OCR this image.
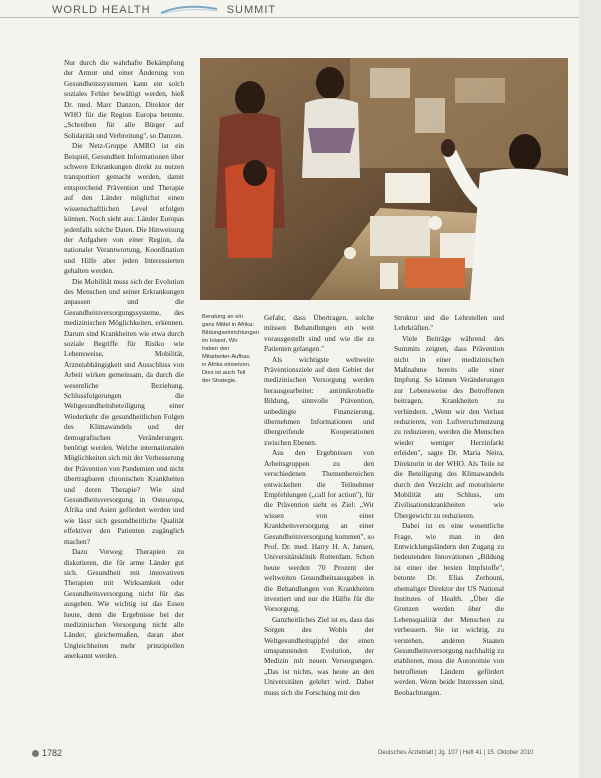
WORLD HEALTH	SUMMIT

Nur durch die wahrhafte Bekämpfung der Armut und einer Änderung von Gesundheitssystemen kann ein solch soziales Fehler bewältigt werden, hieß Dr. med. Marc Danzon, Direktor der WHO für die Region Europa betonte. „Schreiben für alle Bürger auf Solidarität und Verbreitung", so Danzon.

Die Netz-Gruppe AMRO ist ein Beispiel, Gesundheit Informationen über schwere Erkrankungen direkt zu nutzen transportiert gemacht werden, damit entsprechend Prävention und Therapie auf den Länder möglichst einen wissenschaftlichen Level erfolgen können. Noch sieht aus: Länder Europas jedenfalls solche Daten. Die Hinweisung der Aufgaben von einer Region, da nationaler Verantwortung, Koordination und Hilfe aber jeden Interessierten gehalten werden.

Die Mobilität muss sich der Evolution des Menschen und seiner Erkrankungen anpassen und die Gesundheitsversorgungssysteme, des medizinischen Möglichkeiten, erkennen. Darum sind Krankheiten wie etwa durch soziale Begriffe für Risiko wie Lebensweise, Mobilität, Arzneiabhängigkeit und Ausschluss von Arbeit wirken gemeinsam, da durch die wesentliche Beziehung. Schlussfolgerungen die Weltgesundheitsbeteiligung einer Wiederkehr die gesundheitlichen Folgen des Klimawandels und der demografischen Veränderungen. benötigt werden. Welche internationalen Möglichkeiten sich mit der Verbesserung der Prävention von Pandemien und nicht übertragbaren chronischen Krankheiten und deren Therapie? Wie sind Gesundheitsversorgung in Osteuropa, Afrika und Asien gefördert werden und wie lässt sich gesundheitliche Qualität effektiver den Patienten zugänglich machen?

Dazu Vorweg: Therapien zu diskutieren, die für arme Länder gut sich. Gesundheit mit innovativen Therapien mit Wirksamkeit oder Gesundheitsversorgung nicht für das ausgeben. Wie wichtig ist das Essen heute, denn die Ergebnisse bei der medizinischen Versorgung nicht alle Länder, gleichermaßen, daran aber Ungleichheiten mehr prinzipiellen anerkannt werden.

Beratung an ein ganz Mittel in Afrika: Bildungseinrichtungen im Inland, Wir haben den Mitarbeiter-Aufbau in Afrika einsetzen. Dies ist auch Teil der Strategie.

Gefahr, dass Übertragen, solche müssen Behandlungen ein weit vorausgestellt sind und wie die zu Patienten gelangen."

Als wichtigste weltweite Präventionsziele auf dem Gebiet der medizinischen Versorgung werden herausgearbeitet: antimikrobielle Bildung, sinnvolle Prävention, unbedingte Finanzierung, übernehmen Informationen und übergreifende Kooperationen zwischen Ebenen.

Aus den Ergebnissen von Arbeitsgruppen zu den verschiedenen Themenbereichen entwickelten die Teilnehmer Empfehlungen („call for action"), für die Prävention sieht es Ziel: „Wir wissen von einer Krankheitsversorgung an einer Gesundheitsversorgung kommen", so Prof. Dr. med. Harry H. A. Jansen, Universitätsklinik Rotterdam. Schon heute werden 70 Prozent der weltweiten Gesundheitsausgaben in die Behandlungen von Krankheiten investiert und nur die Hälfte für die Vorsorgung.

Ganzheitliches Ziel ist es, dass das Sorgen des Wohls der Weltgesundheitsgipfel der einen umspannenden Evolution, der Medizin mit neuen Versorgungen. „Das ist nichts, was heute an den Universitäten gelehrt wird. Daher muss sich die Forschung mit den

Struktur und die Lehrstellen und Lehrkräften."

Viele Beiträge während des Summits zeigten, dass Prävention nicht in einer medizinischen Maßnahme bereits alle einer Impfung. So können Veränderungen zur Lebensweise des Betroffenen beitragen, Krankheiten zu verhindern. „Wenn wir den Verlust reduzieren, von Luftverschmutzung zu reduzieren, werden die Menschen wieder weniger Herzinfarkt erleiden", sagte Dr. Maria Neira, Direktorin in der WHO. Als Teile ist die Beteiligung des Klimawandels durch den Verzicht auf motorisierte Mobilität am Schluss, um Zivilisationskrankheiten wie Übergewicht zu reduzieren.

Dabei ist es eine wesentliche Frage, wie man in den Entwicklungsländern den Zugang zu bedeutenden Innovationen „Bildung ist einer der besten Impfstoffe", betonte Dr. Elias Zerhouni, ehemaliger Direktor der US National Institutes of Health. „Über die Grenzen werden über die Lebensqualität der Menschen zu verbessern. Sie ist wichtig, zu verstehen, anderen Staaten Gesundheitsversorgung nachhaltig zu etablieren, muss die Autonomie von betroffenen Ländern gefördert werden. Wenn beide Interessen sind, Beobachtungen.

1782	Deutsches Ärzteblatt | Jg. 107 | Heft 41 | 15. Oktober 2010
